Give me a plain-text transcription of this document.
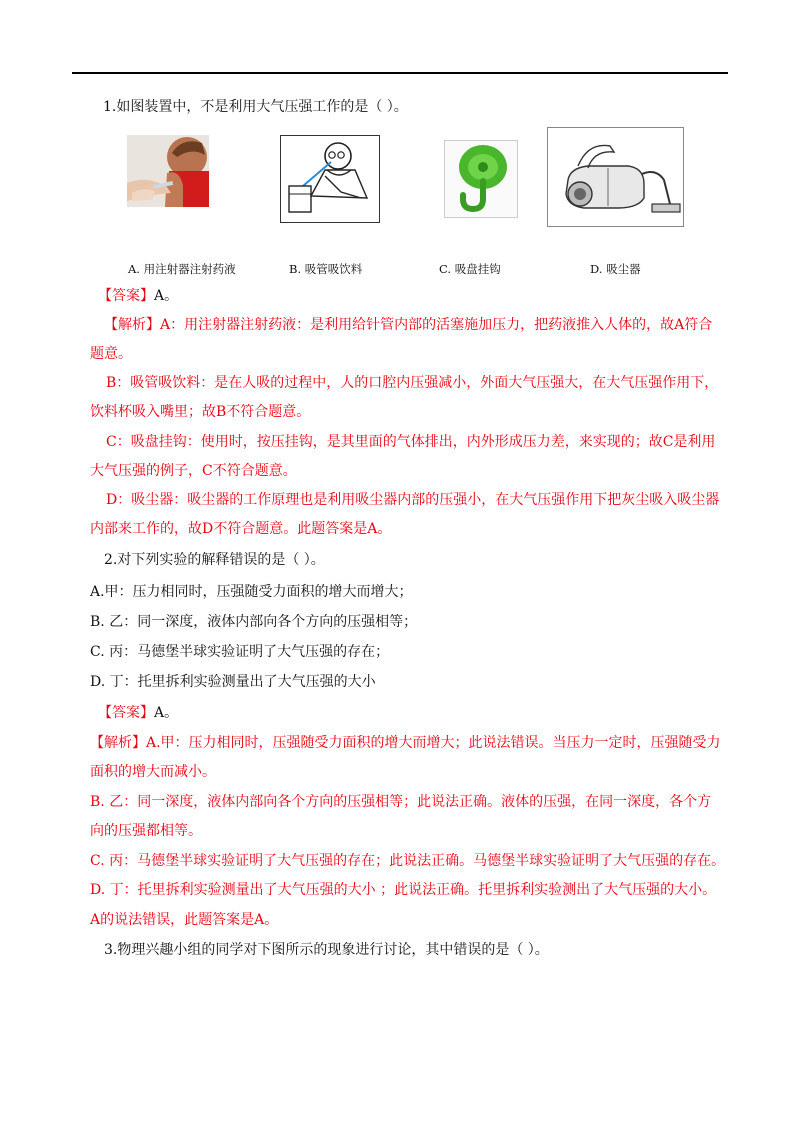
1.如图装置中，不是利用大气压强工作的是（ ）。
A. 用注射器注射药液	B. 吸管吸饮料	C. 吸盘挂钩	D. 吸尘器
【答案】A。
【解析】A：用注射器注射药液：是利用给针管内部的活塞施加压力，把药液推入人体的，故A符合
题意。
B：吸管吸饮料：是在人吸的过程中，人的口腔内压强减小，外面大气压强大，在大气压强作用下，
饮料杯吸入嘴里；故B不符合题意。
C：吸盘挂钩：使用时，按压挂钩，是其里面的气体排出，内外形成压力差，来实现的；故C是利用
大气压强的例子，C不符合题意。
D：吸尘器：吸尘器的工作原理也是利用吸尘器内部的压强小，在大气压强作用下把灰尘吸入吸尘器
内部来工作的，故D不符合题意。此题答案是A。
2.对下列实验的解释错误的是（ ）。
A.甲：压力相同时，压强随受力面积的增大而增大；
B. 乙：同一深度，液体内部向各个方向的压强相等；
C. 丙：马德堡半球实验证明了大气压强的存在；
D. 丁：托里拆利实验测量出了大气压强的大小
【答案】A。
【解析】A.甲：压力相同时，压强随受力面积的增大而增大；此说法错误。当压力一定时，压强随受力
面积的增大而减小。
B. 乙：同一深度，液体内部向各个方向的压强相等；此说法正确。液体的压强，在同一深度，各个方
向的压强都相等。
C. 丙：马德堡半球实验证明了大气压强的存在；此说法正确。马德堡半球实验证明了大气压强的存在。
D. 丁：托里拆利实验测量出了大气压强的大小 ；此说法正确。托里拆利实验测出了大气压强的大小。
A的说法错误，此题答案是A。
3.物理兴趣小组的同学对下图所示的现象进行讨论，其中错误的是（ ）。
